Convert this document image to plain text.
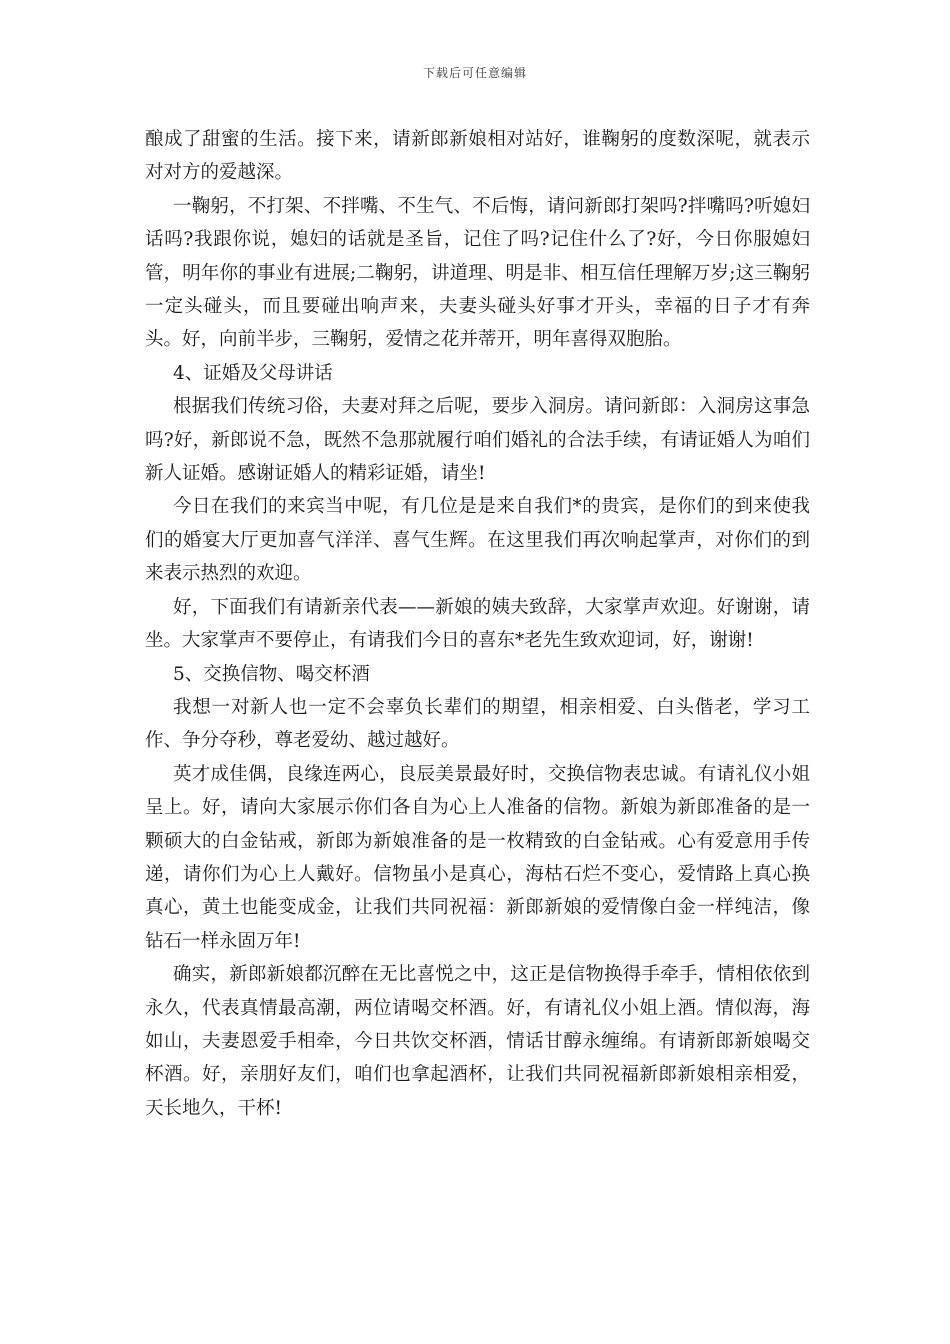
下载后可任意编辑

酿成了甜蜜的生活。接下来，请新郎新娘相对站好，谁鞠躬的度数深呢，就表示对对方的爱越深。

一鞠躬，不打架、不拌嘴、不生气、不后悔，请问新郎打架吗?拌嘴吗?听媳妇话吗?我跟你说，媳妇的话就是圣旨，记住了吗?记住什么了?好，今日你服媳妇管，明年你的事业有进展;二鞠躬，讲道理、明是非、相互信任理解万岁;这三鞠躬一定头碰头，而且要碰出响声来，夫妻头碰头好事才开头，幸福的日子才有奔头。好，向前半步，三鞠躬，爱情之花并蒂开，明年喜得双胞胎。

4、证婚及父母讲话

根据我们传统习俗，夫妻对拜之后呢，要步入洞房。请问新郎：入洞房这事急吗?好，新郎说不急，既然不急那就履行咱们婚礼的合法手续，有请证婚人为咱们新人证婚。感谢证婚人的精彩证婚，请坐!

今日在我们的来宾当中呢，有几位是是来自我们*的贵宾，是你们的到来使我们的婚宴大厅更加喜气洋洋、喜气生辉。在这里我们再次响起掌声，对你们的到来表示热烈的欢迎。

好，下面我们有请新亲代表——新娘的姨夫致辞，大家掌声欢迎。好谢谢，请坐。大家掌声不要停止，有请我们今日的喜东*老先生致欢迎词，好，谢谢!

5、交换信物、喝交杯酒

我想一对新人也一定不会辜负长辈们的期望，相亲相爱、白头偕老，学习工作、争分夺秒，尊老爱幼、越过越好。

英才成佳偶，良缘连两心，良辰美景最好时，交换信物表忠诚。有请礼仪小姐呈上。好，请向大家展示你们各自为心上人准备的信物。新娘为新郎准备的是一颗硕大的白金钻戒，新郎为新娘准备的是一枚精致的白金钻戒。心有爱意用手传递，请你们为心上人戴好。信物虽小是真心，海枯石烂不变心，爱情路上真心换真心，黄土也能变成金，让我们共同祝福：新郎新娘的爱情像白金一样纯洁，像钻石一样永固万年!

确实，新郎新娘都沉醉在无比喜悦之中，这正是信物换得手牵手，情相依依到永久，代表真情最高潮，两位请喝交杯酒。好，有请礼仪小姐上酒。情似海，海如山，夫妻恩爱手相牵，今日共饮交杯酒，情话甘醇永缠绵。有请新郎新娘喝交杯酒。好，亲朋好友们，咱们也拿起酒杯，让我们共同祝福新郎新娘相亲相爱，天长地久，干杯!
